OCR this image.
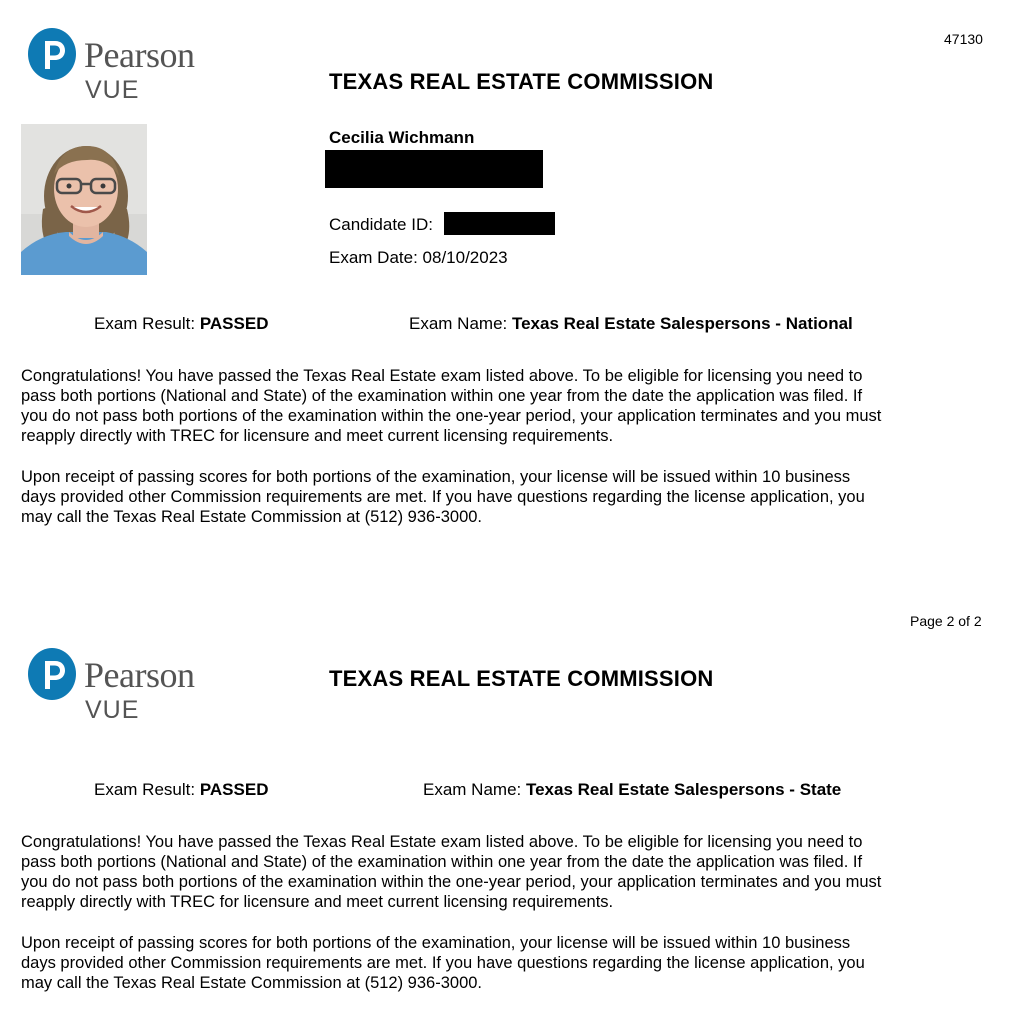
47130
Pearson
VUE	TEXAS REAL ESTATE COMMISSION
Cecilia Wichmann
Candidate ID:
Exam Date: 08/10/2023
Exam Result: PASSED	Exam Name: Texas Real Estate Salespersons - National

Congratulations! You have passed the Texas Real Estate exam listed above. To be eligible for licensing you need to

pass both portions (National and State) of the examination within one year from the date the application was filed. If

you do not pass both portions of the examination within the one-year period, your application terminates and you must

reapply directly with TREC for licensure and meet current licensing requirements.

Upon receipt of passing scores for both portions of the examination, your license will be issued within 10 business

days provided other Commission requirements are met. If you have questions regarding the license application, you

may call the Texas Real Estate Commission at (512) 936-3000.

Page 2 of 2
Pearson
VUE
TEXAS REAL ESTATE COMMISSION
Exam Result: PASSED	Exam Name: Texas Real Estate Salespersons - State

Congratulations! You have passed the Texas Real Estate exam listed above. To be eligible for licensing you need to

pass both portions (National and State) of the examination within one year from the date the application was filed. If

you do not pass both portions of the examination within the one-year period, your application terminates and you must

reapply directly with TREC for licensure and meet current licensing requirements.

Upon receipt of passing scores for both portions of the examination, your license will be issued within 10 business

days provided other Commission requirements are met. If you have questions regarding the license application, you

may call the Texas Real Estate Commission at (512) 936-3000.
